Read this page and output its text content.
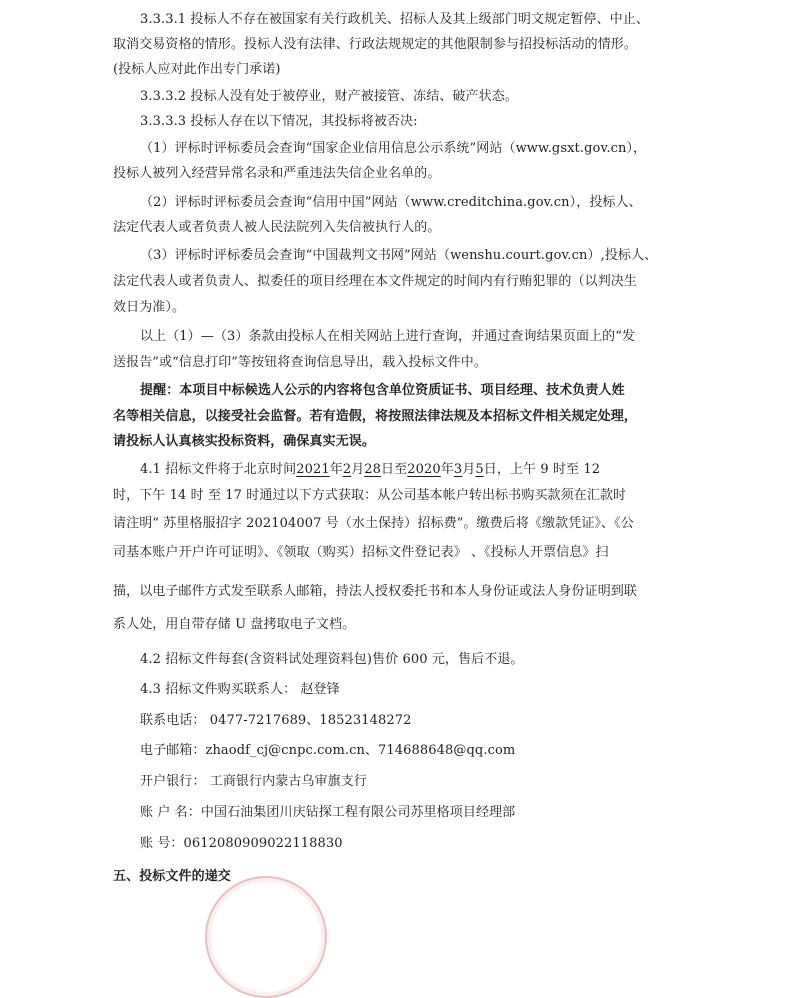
3.3.3.1 投标人不存在被国家有关行政机关、招标人及其上级部门明文规定暂停、中止、
取消交易资格的情形。投标人没有法律、行政法规规定的其他限制参与招投标活动的情形。
(投标人应对此作出专门承诺)
3.3.3.2 投标人没有处于被停业，财产被接管、冻结、破产状态。
3.3.3.3 投标人存在以下情况，其投标将被否决:
（1）评标时评标委员会查询“国家企业信用信息公示系统”网站（www.gsxt.gov.cn），
投标人被列入经营异常名录和严重违法失信企业名单的。
（2）评标时评标委员会查询“信用中国”网站（www.creditchina.gov.cn），投标人、
法定代表人或者负责人被人民法院列入失信被执行人的。
（3）评标时评标委员会查询“中国裁判文书网”网站（wenshu.court.gov.cn）,投标人、
法定代表人或者负责人、拟委任的项目经理在本文件规定的时间内有行贿犯罪的（以判决生
效日为准）。
以上（1）—（3）条款由投标人在相关网站上进行查询，并通过查询结果页面上的“发
送报告”或“信息打印”等按钮将查询信息导出，载入投标文件中。
提醒：本项目中标候选人公示的内容将包含单位资质证书、项目经理、技术负责人姓
名等相关信息，以接受社会监督。若有造假，将按照法律法规及本招标文件相关规定处理，
请投标人认真核实投标资料，确保真实无误。
4.1 招标文件将于北京时间2021年2月28日至2020年3月5日，上午 9 时至 12
时，下午 14 时 至 17 时通过以下方式获取：从公司基本帐户转出标书购买款须在汇款时
请注明“ 苏里格服招字 202104007 号（水土保持）招标费”。缴费后将《缴款凭证》、《公
司基本账户开户许可证明》、《领取（购买）招标文件登记表》 、《投标人开票信息》扫
描，以电子邮件方式发至联系人邮箱，持法人授权委托书和本人身份证或法人身份证明到联
系人处，用自带存储 U 盘拷取电子文档。
4.2 招标文件每套(含资料试处理资料包)售价 600 元，售后不退。
4.3 招标文件购买联系人： 赵登锋
联系电话： 0477-7217689、18523148272
电子邮箱：zhaodf_cj@cnpc.com.cn、714688648@qq.com
开户银行： 工商银行内蒙古乌审旗支行
账 户 名：中国石油集团川庆钻探工程有限公司苏里格项目经理部
账 号：0612080909022118830
五、投标文件的递交
